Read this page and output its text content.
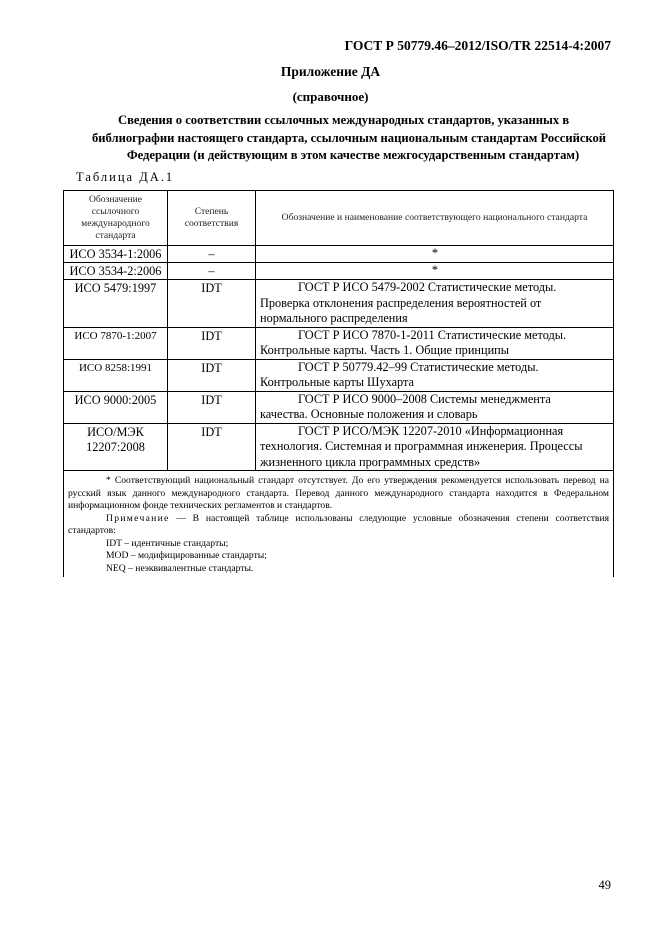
ГОСТ Р 50779.46–2012/ISO/TR 22514-4:2007
Приложение ДА
(справочное)
Сведения о соответствии ссылочных международных стандартов, указанных в
библиографии настоящего стандарта, ссылочным национальным стандартам Российской
Федерации (и действующим в этом качестве межгосударственным стандартам)
Таблица ДА.1
Обозначение ссылочного международного стандарта	Степень соответствия	Обозначение и наименование соответствующего национального стандарта
ИСО 3534-1:2006	–	*
ИСО 3534-2:2006	–	*
ИСО 5479:1997	IDT	ГОСТ Р ИСО 5479-2002 Статистические методы.
Проверка отклонения распределения вероятностей от нормального распределения

ИСО 7870-1:2007	IDT	ГОСТ Р ИСО 7870-1-2011 Статистические методы.
Контрольные карты. Часть 1. Общие принципы

ИСО 8258:1991	IDT	ГОСТ Р 50779.42–99 Статистические методы.
Контрольные карты Шухарта

ИСО 9000:2005	IDT	ГОСТ Р ИСО 9000–2008 Системы менеджмента
качества. Основные положения и словарь

ИСО/МЭК 12207:2008	IDT	ГОСТ Р ИСО/МЭК 12207-2010 «Информационная
технология. Системная и программная инженерия. Процессы жизненного цикла программных средств»

* Соответствующий национальный стандарт отсутствует. До его утверждения рекомендуется использовать перевод на русский язык данного международного стандарта. Перевод данного международного стандарта находится в Федеральном информационном фонде технических регламентов и стандартов.

Примечание — В настоящей таблице использованы следующие условные обозначения степени соответствия стандартов:

IDT – идентичные стандарты;

MOD – модифицированные стандарты;

NEQ – неэквивалентные стандарты.		

49
